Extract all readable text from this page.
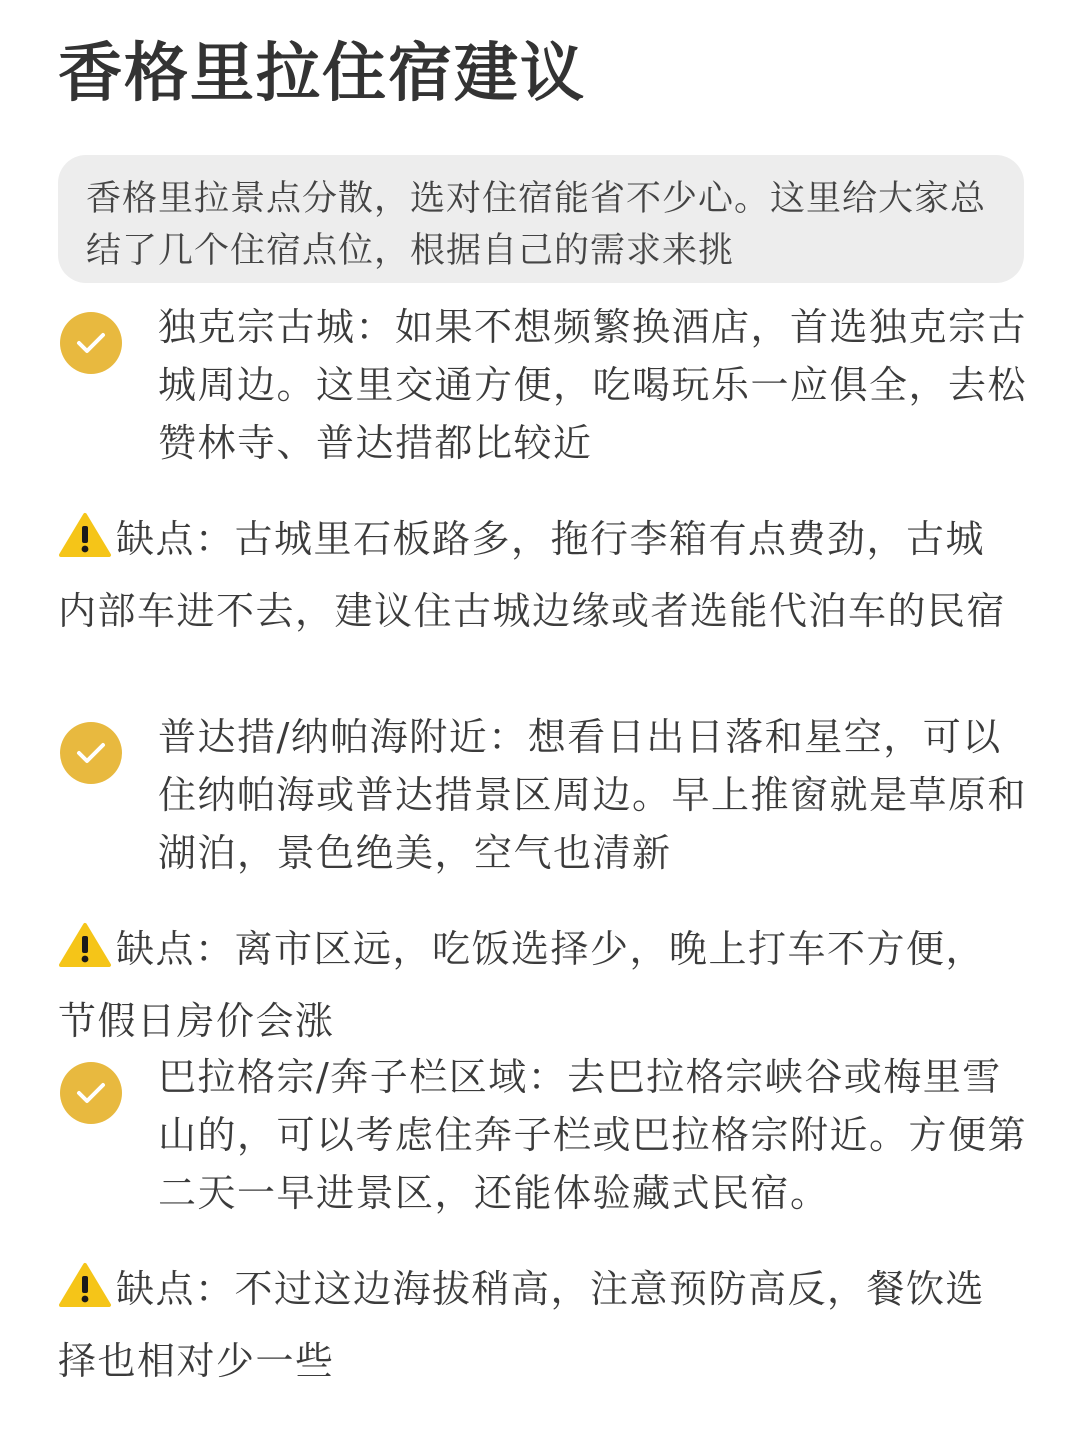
香格里拉住宿建议
香格里拉景点分散，选对住宿能省不少心。这里给大家总结了几个住宿点位，根据自己的需求来挑
独克宗古城：如果不想频繁换酒店，首选独克宗古城周边。这里交通方便，吃喝玩乐一应俱全，去松赞林寺、普达措都比较近
缺点：古城里石板路多，拖行李箱有点费劲，古城内部车进不去，建议住古城边缘或者选能代泊车的民宿
普达措/纳帕海附近：想看日出日落和星空，可以住纳帕海或普达措景区周边。早上推窗就是草原和湖泊，景色绝美，空气也清新
缺点：离市区远，吃饭选择少，晚上打车不方便，节假日房价会涨
巴拉格宗/奔子栏区域：去巴拉格宗峡谷或梅里雪山的，可以考虑住奔子栏或巴拉格宗附近。方便第二天一早进景区，还能体验藏式民宿。
缺点：不过这边海拔稍高，注意预防高反，餐饮选择也相对少一些
